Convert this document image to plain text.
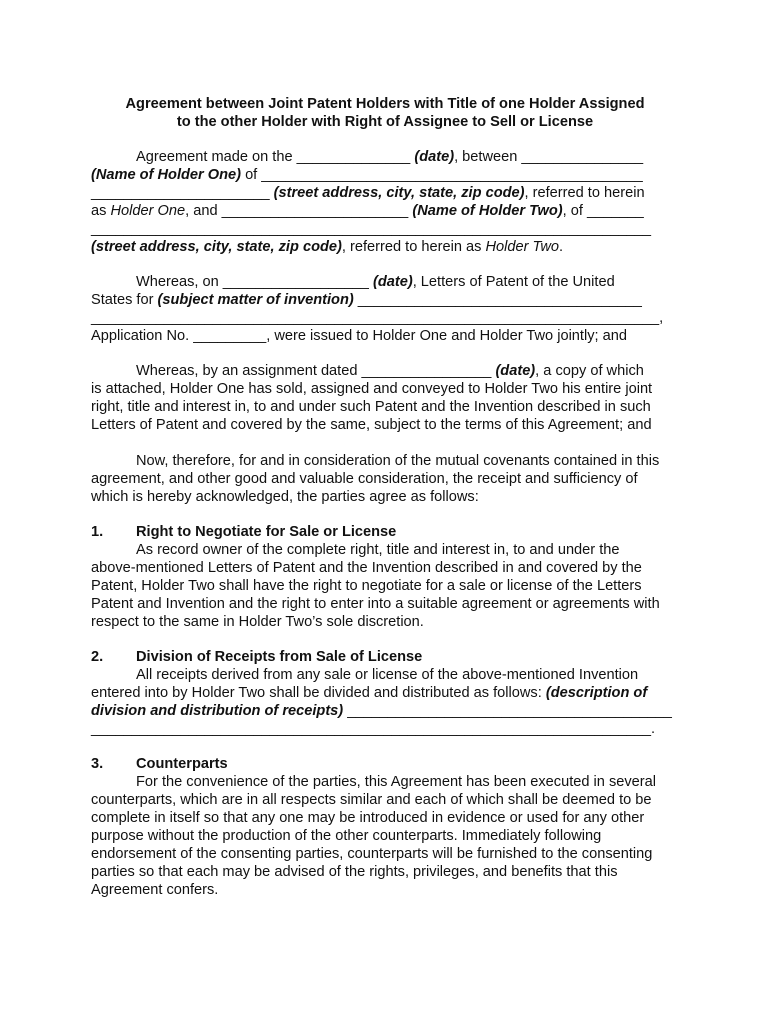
Agreement between Joint Patent Holders with Title of one Holder Assigned
to the other Holder with Right of Assignee to Sell or License
Agreement made on the ______________ (date), between _______________
(Name of Holder One) of _______________________________________________
______________________ (street address, city, state, zip code), referred to herein
as Holder One, and _______________________ (Name of Holder Two), of _______
_____________________________________________________________________
(street address, city, state, zip code), referred to herein as Holder Two.
Whereas, on __________________ (date), Letters of Patent of the United
States for (subject matter of invention) ___________________________________
______________________________________________________________________,
Application No. _________, were issued to Holder One and Holder Two jointly; and
Whereas, by an assignment dated ________________ (date), a copy of which
is attached, Holder One has sold, assigned and conveyed to Holder Two his entire joint
right, title and interest in, to and under such Patent and the Invention described in such
Letters of Patent and covered by the same, subject to the terms of this Agreement; and
Now, therefore, for and in consideration of the mutual covenants contained in this
agreement, and other good and valuable consideration, the receipt and sufficiency of
which is hereby acknowledged, the parties agree as follows:
1. Right to Negotiate for Sale or License
As record owner of the complete right, title and interest in, to and under the
above-mentioned Letters of Patent and the Invention described in and covered by the
Patent, Holder Two shall have the right to negotiate for a sale or license of the Letters
Patent and Invention and the right to enter into a suitable agreement or agreements with
respect to the same in Holder Two’s sole discretion.
2. Division of Receipts from Sale of License
All receipts derived from any sale or license of the above-mentioned Invention
entered into by Holder Two shall be divided and distributed as follows: (description of
division and distribution of receipts) ________________________________________
_____________________________________________________________________.
3. Counterparts
For the convenience of the parties, this Agreement has been executed in several
counterparts, which are in all respects similar and each of which shall be deemed to be
complete in itself so that any one may be introduced in evidence or used for any other
purpose without the production of the other counterparts. Immediately following
endorsement of the consenting parties, counterparts will be furnished to the consenting
parties so that each may be advised of the rights, privileges, and benefits that this
Agreement confers.
